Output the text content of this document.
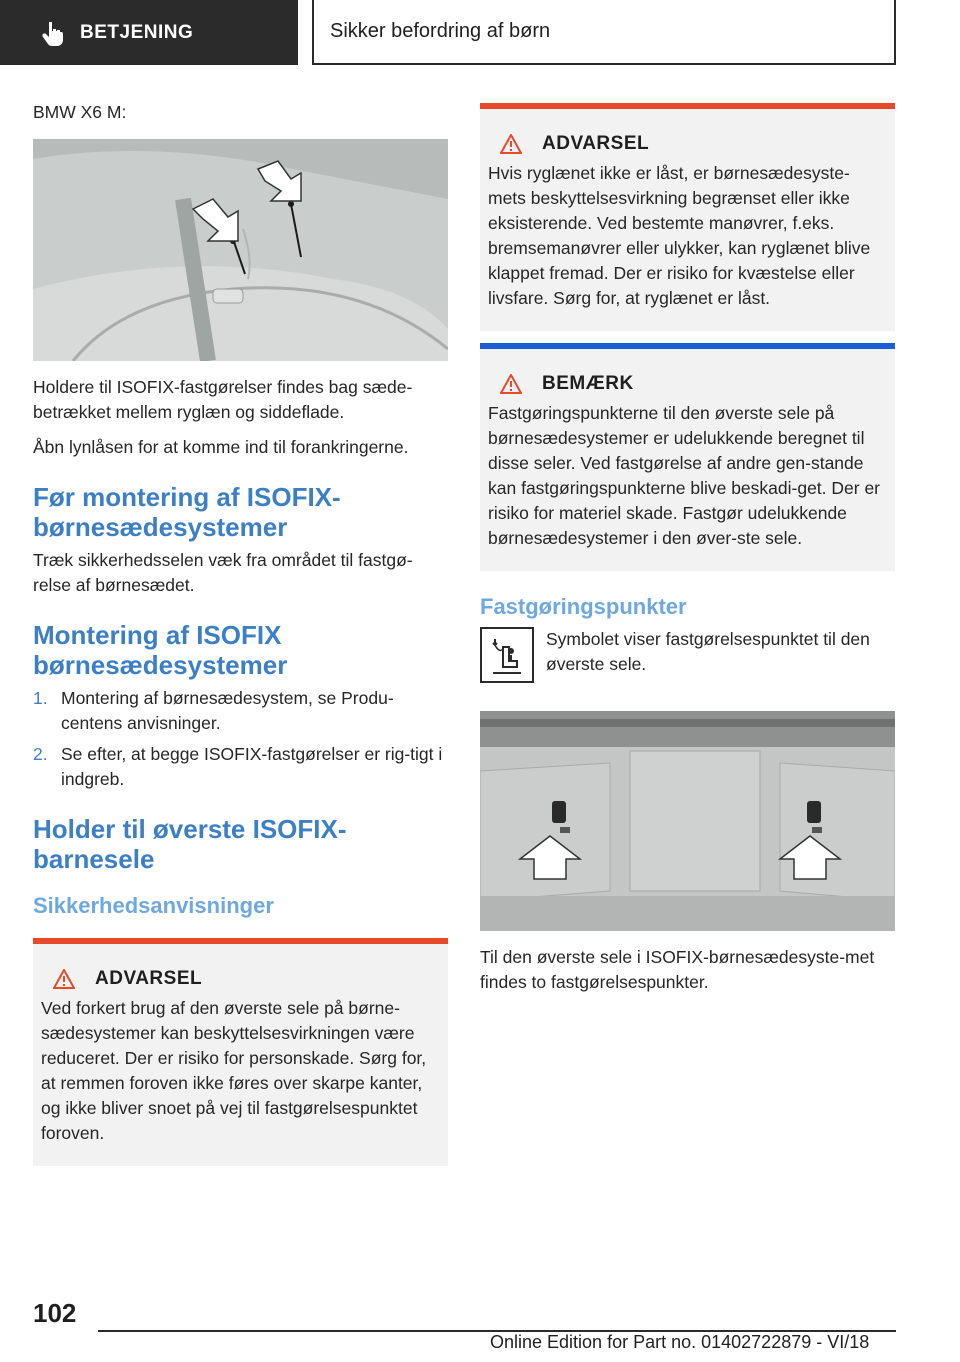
BETJENING	Sikker befordring af børn

BMW X6 M:

Holdere til ISOFIX-fastgørelser findes bag sæde-betrækket mellem ryglæn og siddeflade.

Åbn lynlåsen for at komme ind til forankringerne.

Før montering af ISOFIX-børnesædesystemer

Træk sikkerhedsselen væk fra området til fastgø-relse af børnesædet.

Montering af ISOFIX børnesædesystemer
1. Montering af børnesædesystem, se Produ-centens anvisninger.
2. Se efter, at begge ISOFIX-fastgørelser er rig-tigt i indgreb.
Holder til øverste ISOFIX-barnesele
Sikkerhedsanvisninger
ADVARSEL

Ved forkert brug af den øverste sele på børne-sædesystemer kan beskyttelsesvirkningen være reduceret. Der er risiko for personskade. Sørg for, at remmen foroven ikke føres over skarpe kanter, og ikke bliver snoet på vej til fastgørelsespunktet foroven.

ADVARSEL

Hvis ryglænet ikke er låst, er børnesædesyste-mets beskyttelsesvirkning begrænset eller ikke eksisterende. Ved bestemte manøvrer, f.eks. bremsemanøvrer eller ulykker, kan ryglænet blive klappet fremad. Der er risiko for kvæstelse eller livsfare. Sørg for, at ryglænet er låst.

BEMÆRK

Fastgøringspunkterne til den øverste sele på børnesædesystemer er udelukkende beregnet til disse seler. Ved fastgørelse af andre gen-stande kan fastgøringspunkterne blive beskadi-get. Der er risiko for materiel skade. Fastgør udelukkende børnesædesystemer i den øver-ste sele.

Fastgøringspunkter

Symbolet viser fastgørelsespunktet til den øverste sele.

Til den øverste sele i ISOFIX-børnesædesyste-met findes to fastgørelsespunkter.

102
Online Edition for Part no. 01402722879 - VI/18
